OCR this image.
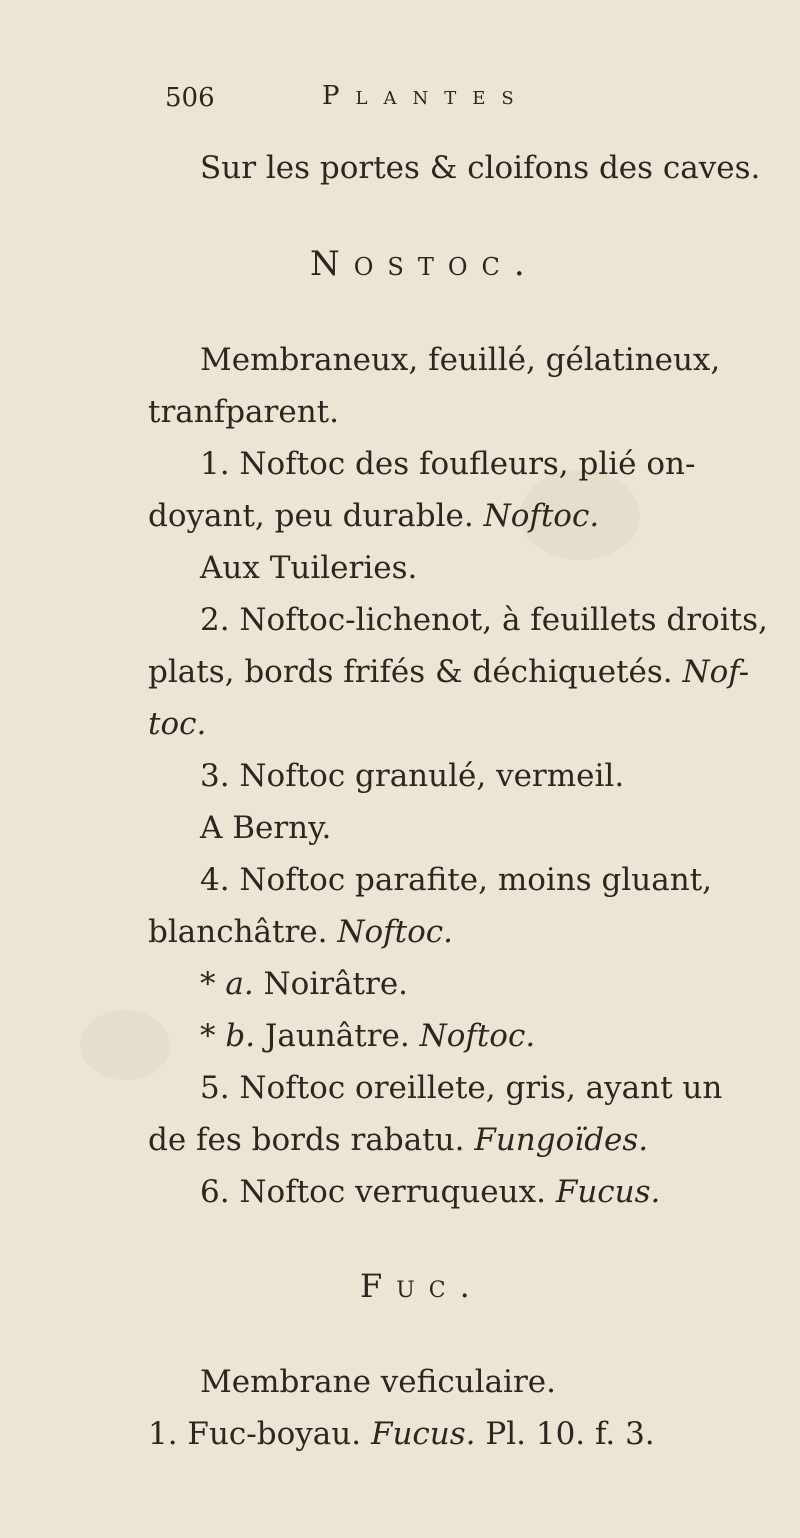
506	Plantes
Sur les portes & cloifons des caves.
Nostoc.
Membraneux, feuillé, gélatineux,
tranfparent.
1. Noftoc des foufleurs, plié on-
doyant, peu durable. Noftoc.
Aux Tuileries.
2. Noftoc-lichenot, à feuillets droits,
plats, bords frifés & déchiquetés. Nof-
toc.
3. Noftoc granulé, vermeil.
A Berny.
4. Noftoc parafite, moins gluant,
blanchâtre. Noftoc.
* a. Noirâtre.
* b. Jaunâtre. Noftoc.
5. Noftoc oreillete, gris, ayant un
de fes bords rabatu. Fungoïdes.
6. Noftoc verruqueux. Fucus.
Fuc.
Membrane veficulaire.
1. Fuc-boyau. Fucus. Pl. 10. f. 3.
